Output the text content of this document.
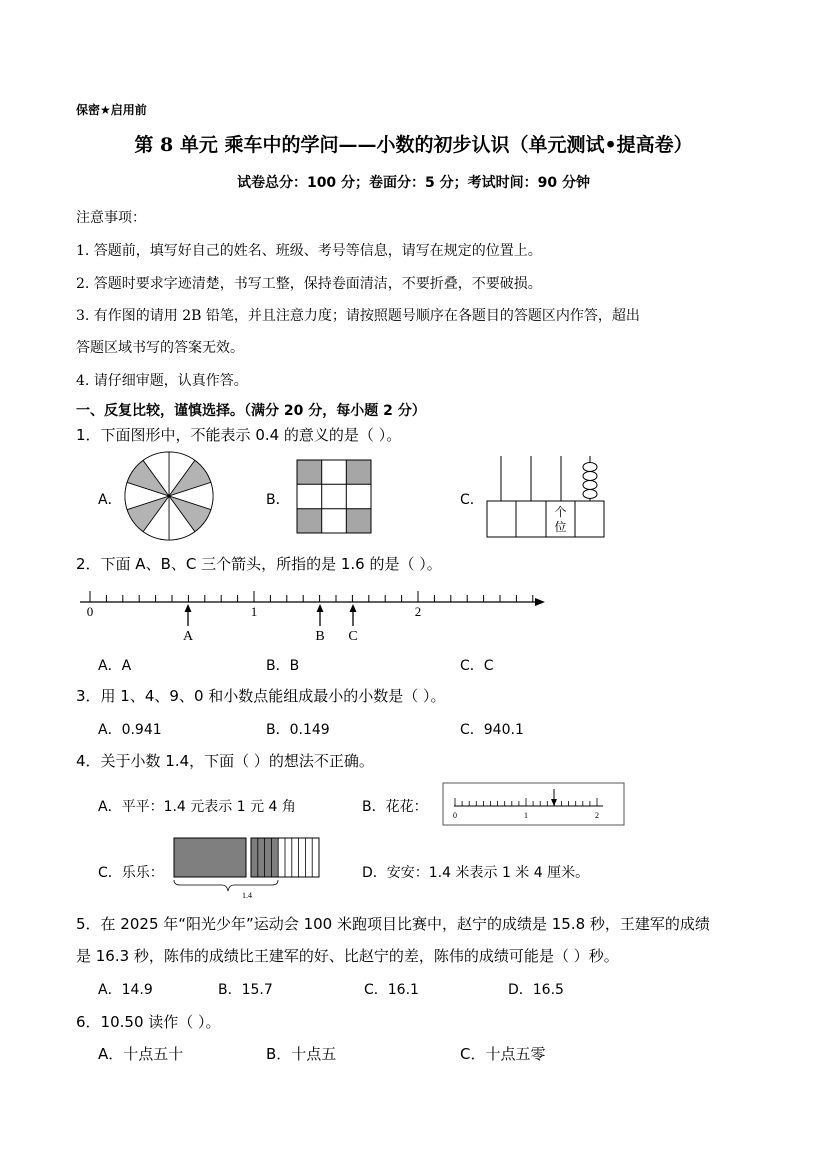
保密★启用前
第 8 单元 乘车中的学问——小数的初步认识（单元测试•提高卷）
试卷总分：100 分；卷面分：5 分；考试时间：90 分钟
注意事项：
1. 答题前，填写好自己的姓名、班级、考号等信息，请写在规定的位置上。
2. 答题时要求字迹清楚，书写工整，保持卷面清洁，不要折叠，不要破损。
3. 有作图的请用 2B 铅笔，并且注意力度；请按照题号顺序在各题目的答题区内作答，超出
答题区域书写的答案无效。
4. 请仔细审题，认真作答。
一、反复比较，谨慎选择。（满分 20 分，每小题 2 分）
1．下面图形中，不能表示 0.4 的意义的是（ ）。
A．	B．	C．
个
位
2．下面 A、B、C 三个箭头，所指的是 1.6 的是（ ）。
0	1	2
A	B C
A．A	B．B	C．C
3．用 1、4、9、0 和小数点能组成最小的小数是（ ）。
A．0.941	B．0.149	C．940.1
4．关于小数 1.4，下面（ ）的想法不正确。
A．平平：1.4 元表示 1 元 4 角	B．花花：
C．乐乐：	D．安安：1.4 米表示 1 米 4 厘米。
0	1	2
1.4
5．在 2025 年“阳光少年”运动会 100 米跑项目比赛中，赵宁的成绩是 15.8 秒，王建军的成绩
是 16.3 秒，陈伟的成绩比王建军的好、比赵宁的差，陈伟的成绩可能是（ ）秒。
A．14.9	B．15.7	C．16.1	D．16.5
6．10.50 读作（ ）。
A．十点五十	B．十点五	C．十点五零
